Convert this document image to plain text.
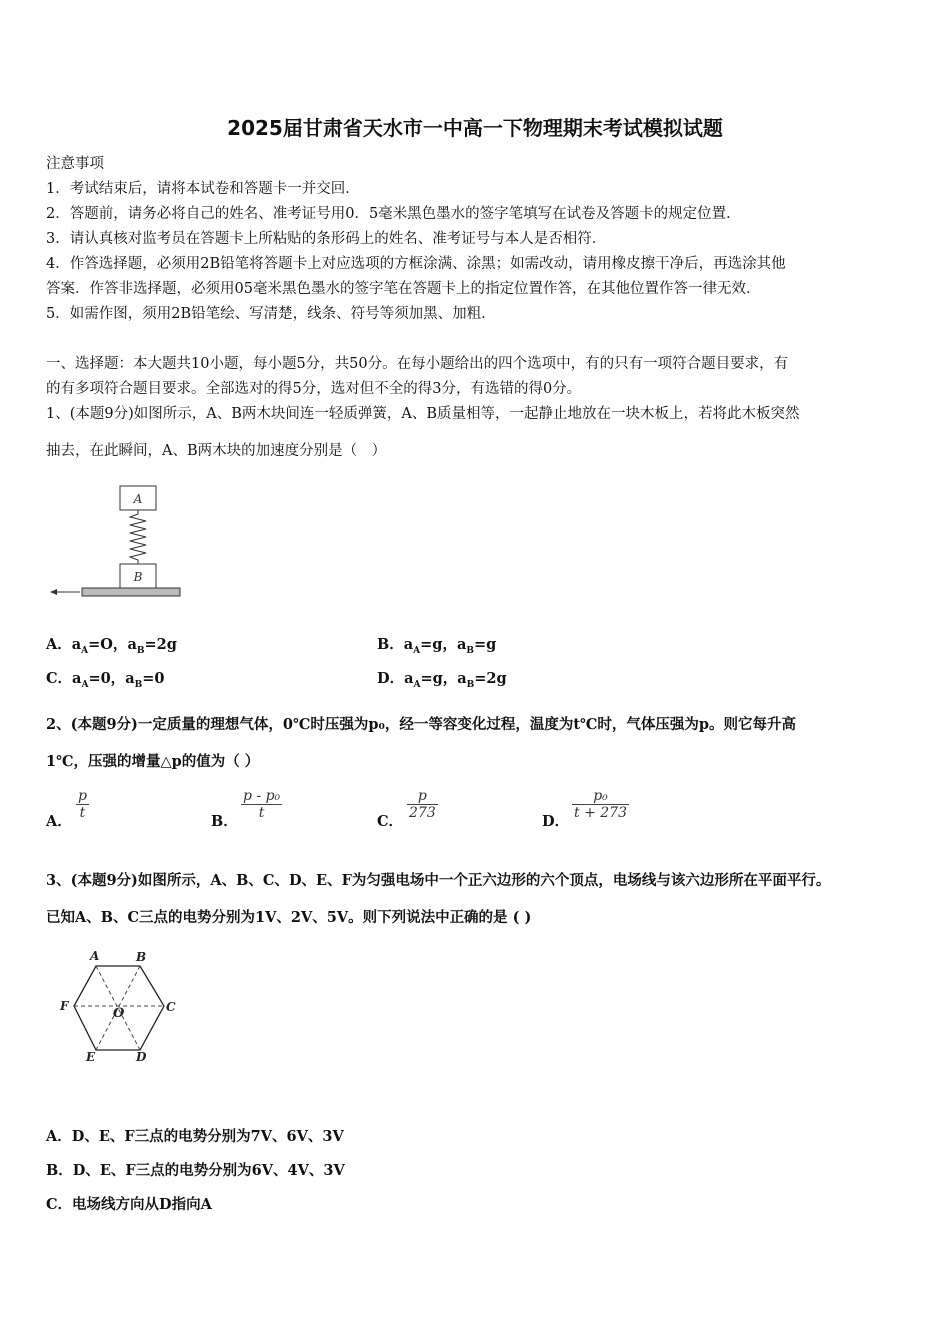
2025届甘肃省天水市一中高一下物理期末考试模拟试题
注意事项
1．考试结束后，请将本试卷和答题卡一并交回．
2．答题前，请务必将自己的姓名、准考证号用0．5毫米黑色墨水的签字笔填写在试卷及答题卡的规定位置．
3．请认真核对监考员在答题卡上所粘贴的条形码上的姓名、准考证号与本人是否相符．
4．作答选择题，必须用2B铅笔将答题卡上对应选项的方框涂满、涂黑；如需改动，请用橡皮擦干净后，再选涂其他
答案．作答非选择题，必须用05毫米黑色墨水的签字笔在答题卡上的指定位置作答，在其他位置作答一律无效．
5．如需作图，须用2B铅笔绘、写清楚，线条、符号等须加黑、加粗．
一、选择题：本大题共10小题，每小题5分，共50分。在每小题给出的四个选项中，有的只有一项符合题目要求，有
的有多项符合题目要求。全部选对的得5分，选对但不全的得3分，有选错的得0分。
1、(本题9分)如图所示，A、B两木块间连一轻质弹簧，A、B质量相等，一起静止地放在一块木板上，若将此木板突然
抽去，在此瞬间，A、B两木块的加速度分别是（　）
A
B
A．$a_A=O$，$a_B=2g$	B．$a_A=g$，$a_B=g$
C．$a_A=0$，$a_B=0$	D．$a_A=g$，$a_B=2g$
2、(本题9分)一定质量的理想气体，0℃时压强为p₀，经一等容变化过程，温度为t℃时，气体压强为p。则它每升高
1℃，压强的增量△p的值为（ ）
A．
$\frac{p}{t}$
B．
$\frac{\text{p - p₀}}{t}$
C．
$\frac{p}{273}$
D．
$\frac{\text{p₀}}{t + 273}$
3、(本题9分)如图所示，A、B、C、D、E、F为匀强电场中一个正六边形的六个顶点，电场线与该六边形所在平面平行。
已知A、B、C三点的电势分别为1V、2V、5V。则下列说法中正确的是 ( )
A	B
C
D
E
F	O
A．D、E、F三点的电势分别为7V、6V、3V
B．D、E、F三点的电势分别为6V、4V、3V
C．电场线方向从D指向A
